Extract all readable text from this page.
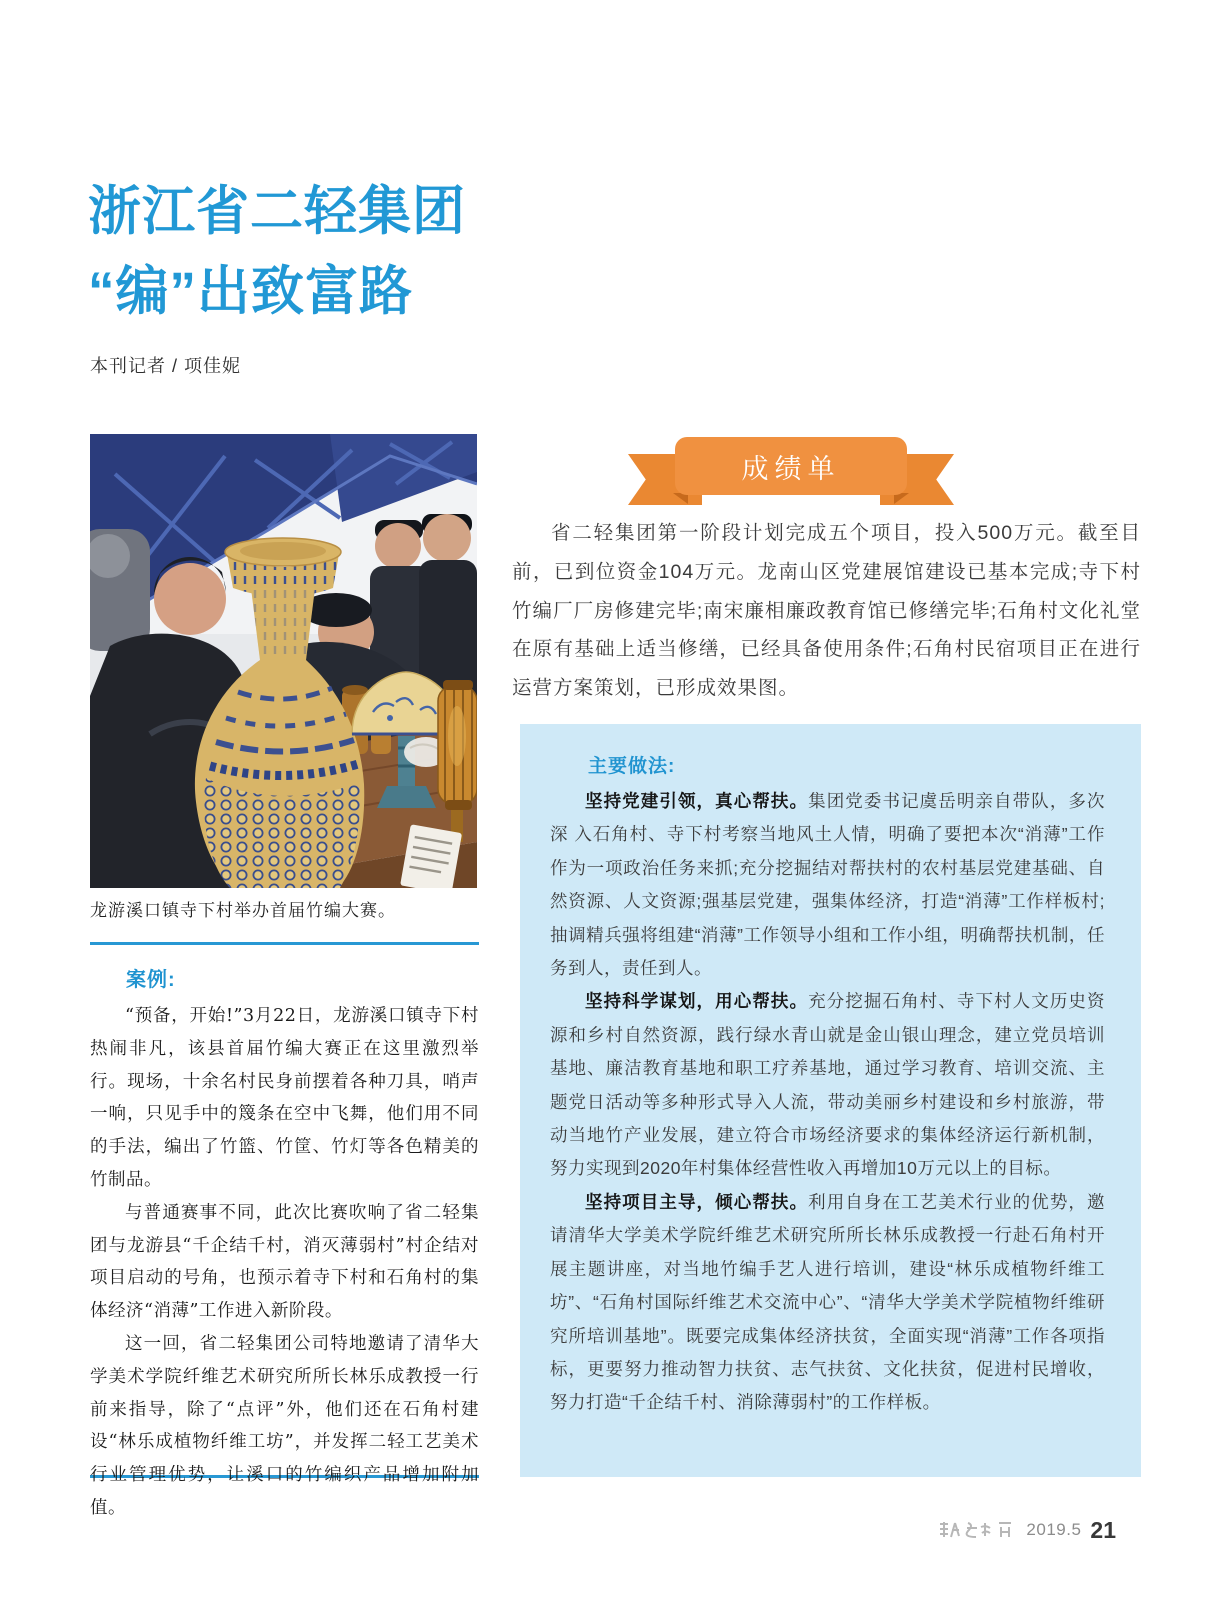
浙江省二轻集团
“编”出致富路
本刊记者 / 项佳妮
龙游溪口镇寺下村举办首届竹编大赛。
案例:

“预备，开始!”3月22日，龙游溪口镇寺下村热闹非凡，该县首届竹编大赛正在这里激烈举行。现场，十余名村民身前摆着各种刀具，哨声一响，只见手中的篾条在空中飞舞，他们用不同的手法，编出了竹篮、竹筐、竹灯等各色精美的竹制品。

与普通赛事不同，此次比赛吹响了省二轻集团与龙游县“千企结千村，消灭薄弱村”村企结对项目启动的号角，也预示着寺下村和石角村的集体经济“消薄”工作进入新阶段。

这一回，省二轻集团公司特地邀请了清华大学美术学院纤维艺术研究所所长林乐成教授一行前来指导，除了“点评”外，他们还在石角村建设“林乐成植物纤维工坊”，并发挥二轻工艺美术行业管理优势，让溪口的竹编织产品增加附加值。

成绩单

省二轻集团第一阶段计划完成五个项目，投入500万元。截至目前，已到位资金104万元。龙南山区党建展馆建设已基本完成;寺下村竹编厂厂房修建完毕;南宋廉相廉政教育馆已修缮完毕;石角村文化礼堂在原有基础上适当修缮，已经具备使用条件;石角村民宿项目正在进行运营方案策划，已形成效果图。

主要做法:

坚持党建引领，真心帮扶。集团党委书记虞岳明亲自带队，多次深 入石角村、寺下村考察当地风土人情，明确了要把本次“消薄”工作作为一项政治任务来抓;充分挖掘结对帮扶村的农村基层党建基础、自然资源、人文资源;强基层党建，强集体经济，打造“消薄”工作样板村;抽调精兵强将组建“消薄”工作领导小组和工作小组，明确帮扶机制，任务到人，责任到人。

坚持科学谋划，用心帮扶。充分挖掘石角村、寺下村人文历史资源和乡村自然资源，践行绿水青山就是金山银山理念，建立党员培训基地、廉洁教育基地和职工疗养基地，通过学习教育、培训交流、主题党日活动等多种形式导入人流，带动美丽乡村建设和乡村旅游，带动当地竹产业发展，建立符合市场经济要求的集体经济运行新机制，努力实现到2020年村集体经营性收入再增加10万元以上的目标。

坚持项目主导，倾心帮扶。利用自身在工艺美术行业的优势，邀请清华大学美术学院纤维艺术研究所所长林乐成教授一行赴石角村开展主题讲座，对当地竹编手艺人进行培训，建设“林乐成植物纤维工坊”、“石角村国际纤维艺术交流中心”、“清华大学美术学院植物纤维研究所培训基地”。既要完成集体经济扶贫，全面实现“消薄”工作各项指标，更要努力推动智力扶贫、志气扶贫、文化扶贫，促进村民增收，努力打造“千企结千村、消除薄弱村”的工作样板。

2019.5 21
